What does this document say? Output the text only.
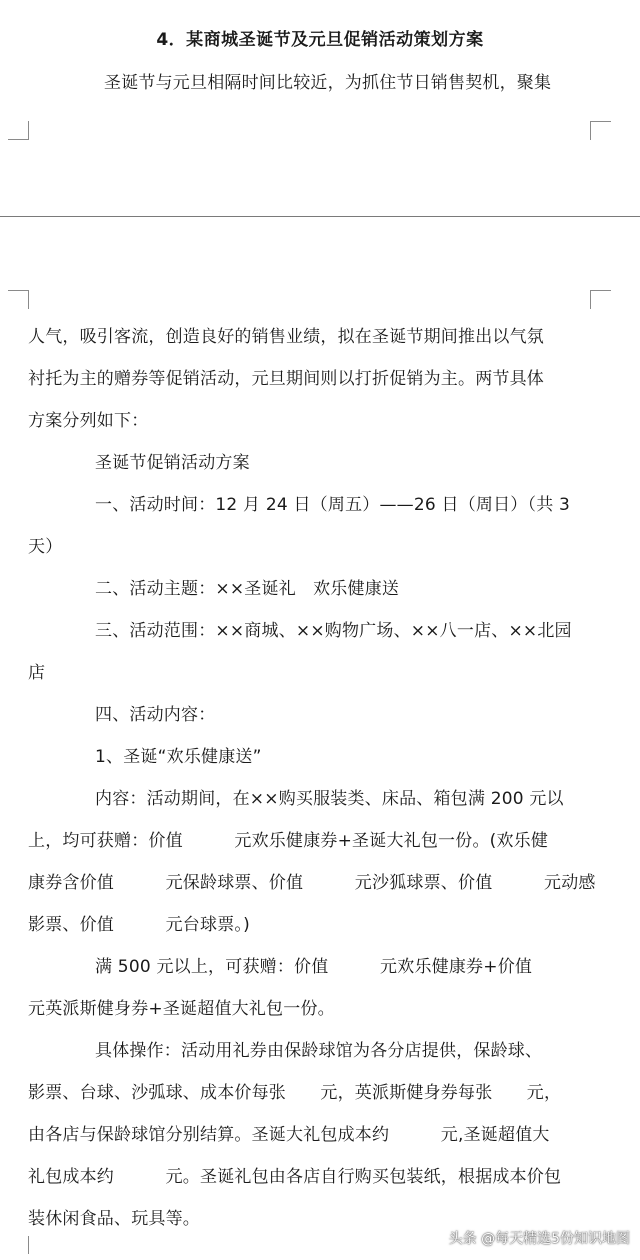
4．某商城圣诞节及元旦促销活动策划方案
圣诞节与元旦相隔时间比较近，为抓住节日销售契机，聚集
人气，吸引客流，创造良好的销售业绩，拟在圣诞节期间推出以气氛
衬托为主的赠券等促销活动，元旦期间则以打折促销为主。两节具体
方案分列如下：
圣诞节促销活动方案
一、活动时间：12 月 24 日（周五）——26 日（周日）（共 3
天）
二、活动主题：××圣诞礼　欢乐健康送
三、活动范围：××商城、××购物广场、××八一店、××北园
店
四、活动内容：
1、圣诞“欢乐健康送”
内容：活动期间，在××购买服装类、床品、箱包满 200 元以
上，均可获赠：价值　　　元欢乐健康券+圣诞大礼包一份。(欢乐健
康券含价值　　　元保龄球票、价值　　　元沙狐球票、价值　　　元动感
影票、价值　　　元台球票。)
满 500 元以上，可获赠：价值　　　元欢乐健康券+价值
元英派斯健身券+圣诞超值大礼包一份。
具体操作：活动用礼券由保龄球馆为各分店提供，保龄球、
影票、台球、沙弧球、成本价每张　　元，英派斯健身券每张　　元，
由各店与保龄球馆分别结算。圣诞大礼包成本约　　　元,圣诞超值大
礼包成本约　　　元。圣诞礼包由各店自行购买包装纸，根据成本价包
装休闲食品、玩具等。
头条 @每天精选5份知识地图
